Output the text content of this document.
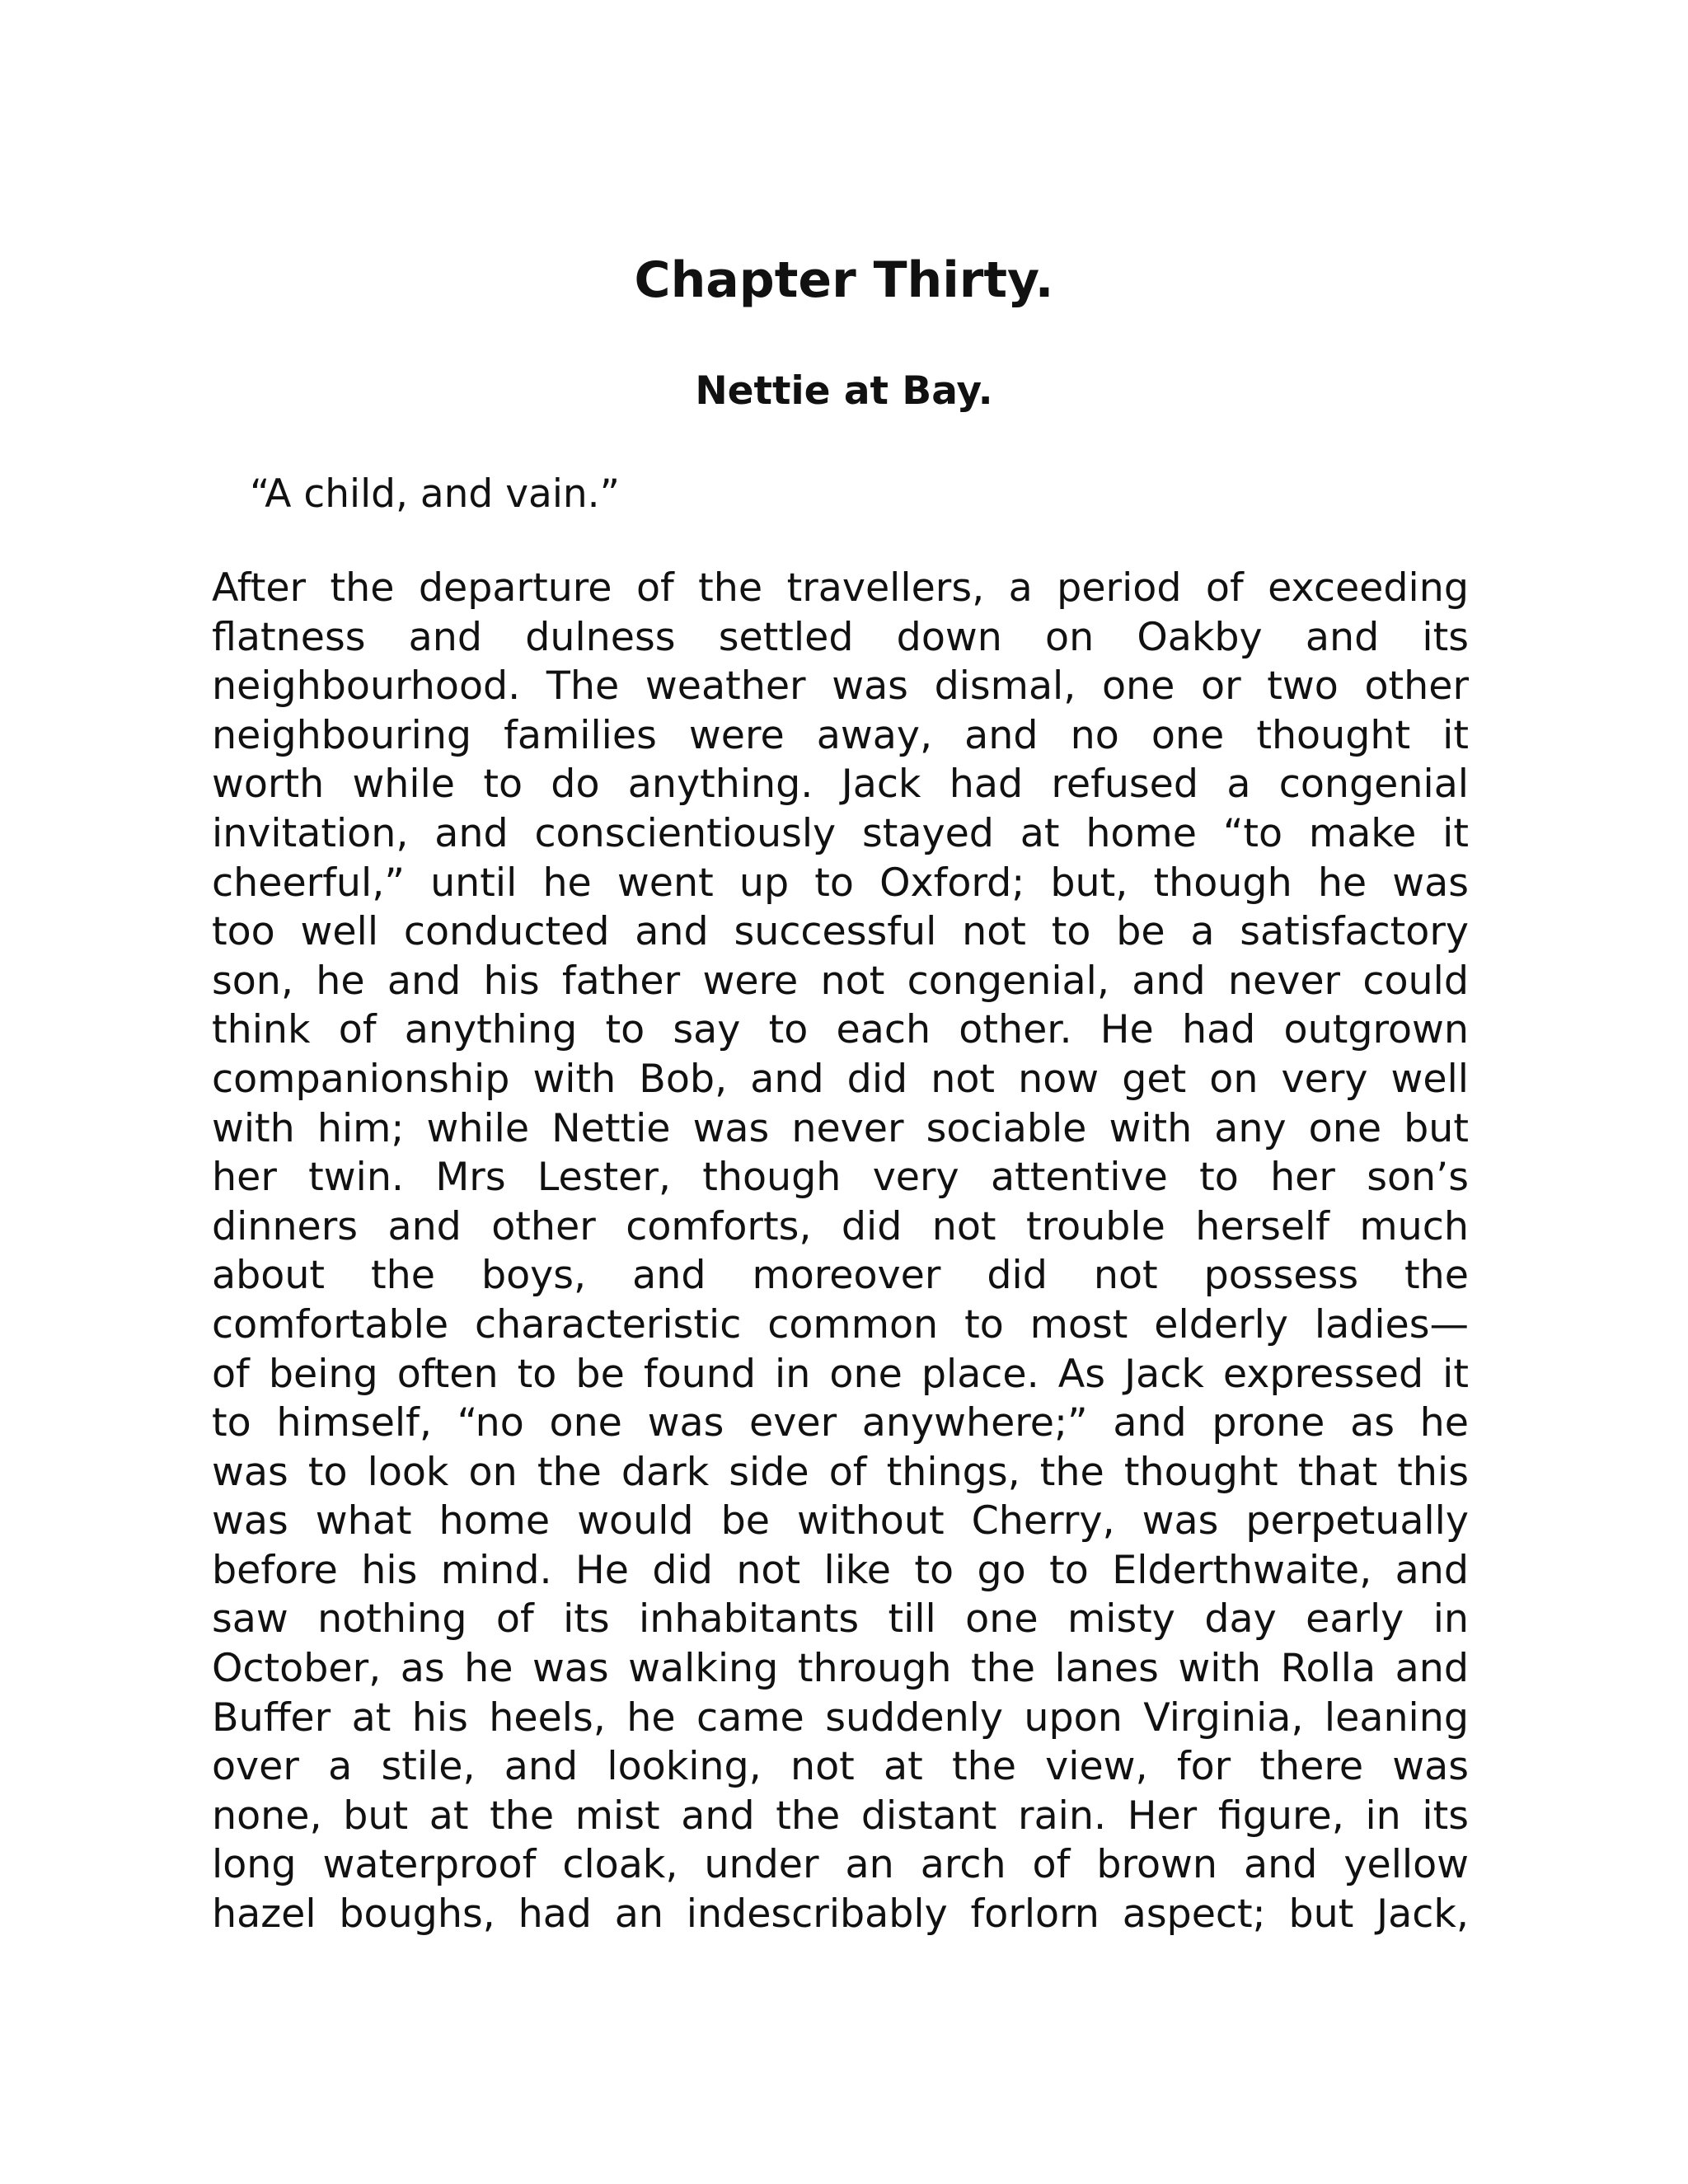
Chapter Thirty.
Nettie at Bay.

“A child, and vain.”

After the departure of the travellers, a period of exceeding
flatness and dulness settled down on Oakby and its
neighbourhood. The weather was dismal, one or two other
neighbouring families were away, and no one thought it
worth while to do anything. Jack had refused a congenial
invitation, and conscientiously stayed at home “to make it
cheerful,” until he went up to Oxford; but, though he was
too well conducted and successful not to be a satisfactory
son, he and his father were not congenial, and never could
think of anything to say to each other. He had outgrown
companionship with Bob, and did not now get on very well
with him; while Nettie was never sociable with any one but
her twin. Mrs Lester, though very attentive to her son’s
dinners and other comforts, did not trouble herself much
about the boys, and moreover did not possess the
comfortable characteristic common to most elderly ladies—
of being often to be found in one place. As Jack expressed it
to himself, “no one was ever anywhere;” and prone as he
was to look on the dark side of things, the thought that this
was what home would be without Cherry, was perpetually
before his mind. He did not like to go to Elderthwaite, and
saw nothing of its inhabitants till one misty day early in
October, as he was walking through the lanes with Rolla and
Buffer at his heels, he came suddenly upon Virginia, leaning
over a stile, and looking, not at the view, for there was
none, but at the mist and the distant rain. Her figure, in its
long waterproof cloak, under an arch of brown and yellow
hazel boughs, had an indescribably forlorn aspect; but Jack,
